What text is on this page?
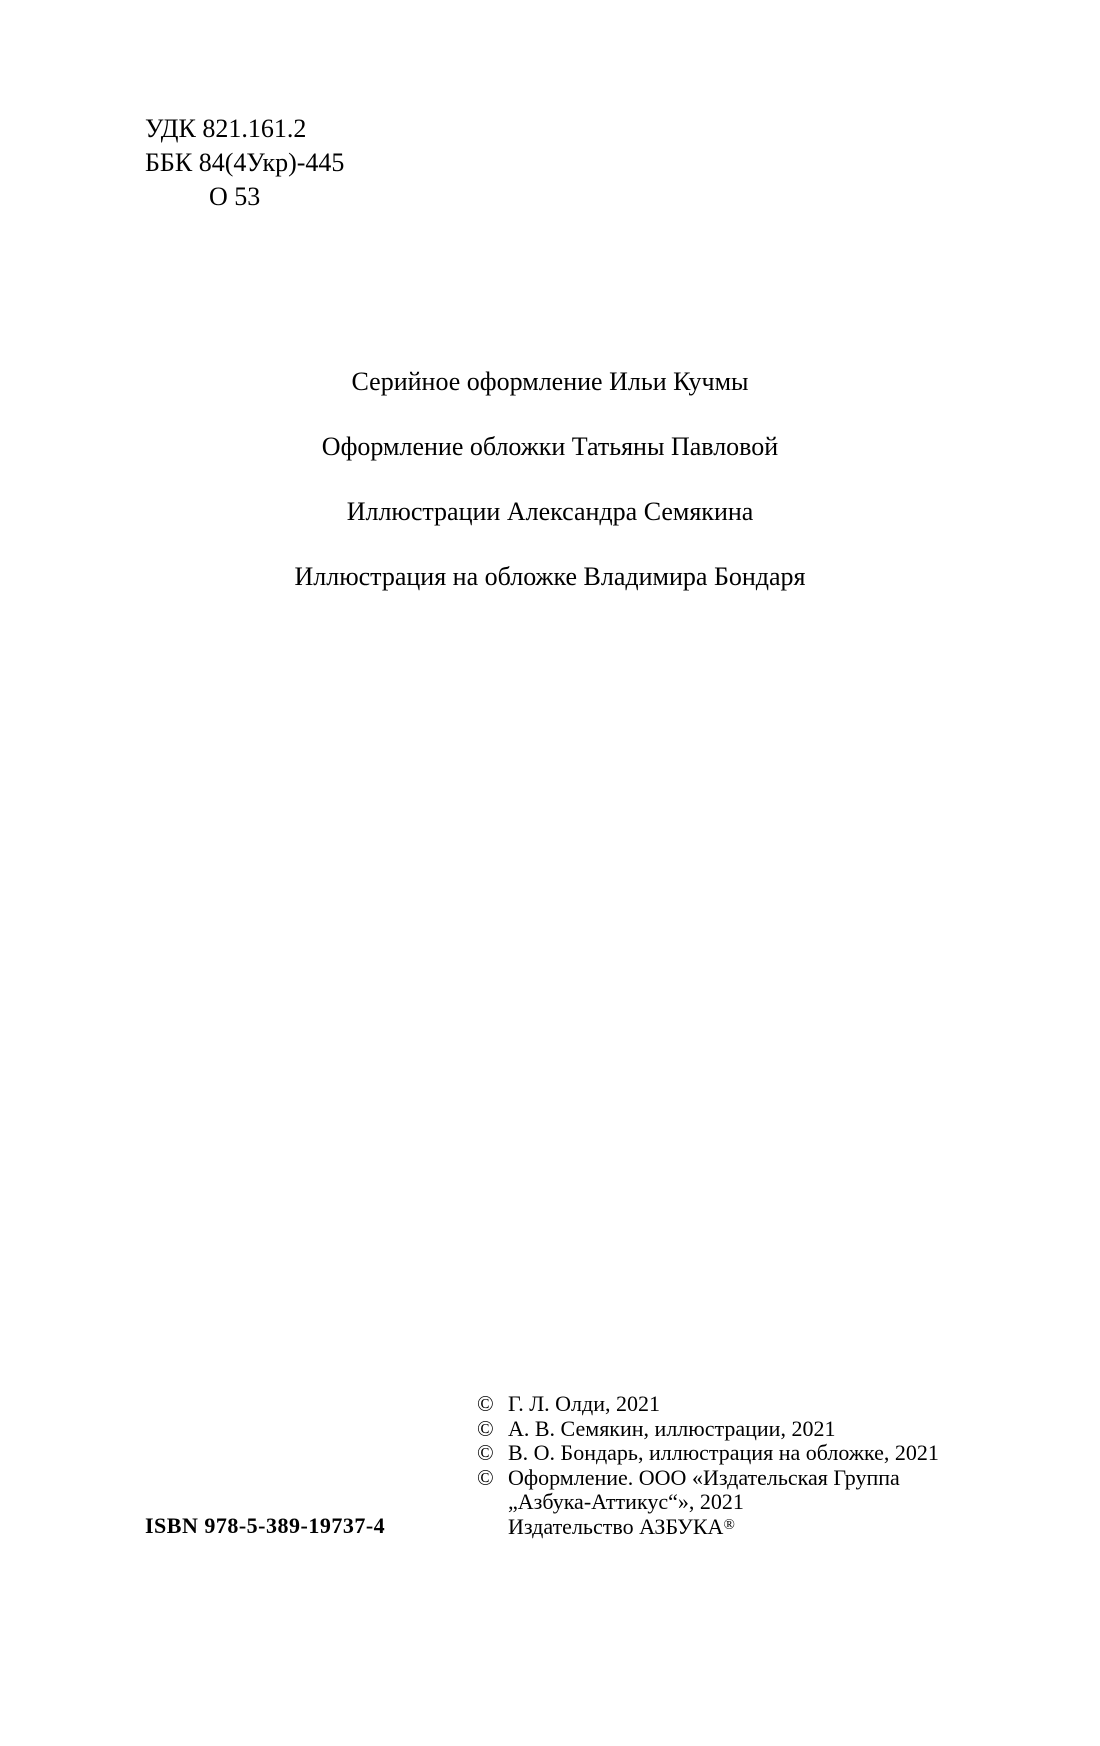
УДК 821.161.2
ББК 84(4Укр)-445
О 53
Серийное оформление Ильи Кучмы
Оформление обложки Татьяны Павловой
Иллюстрации Александра Семякина
Иллюстрация на обложке Владимира Бондаря
ISBN 978-5-389-19737-4
© Г. Л. Олди, 2021
© А. В. Семякин, иллюстрации, 2021
© В. О. Бондарь, иллюстрация на обложке, 2021
© Оформление. ООО «Издательская Группа
„Азбука-Аттикус“», 2021
Издательство АЗБУКА®
